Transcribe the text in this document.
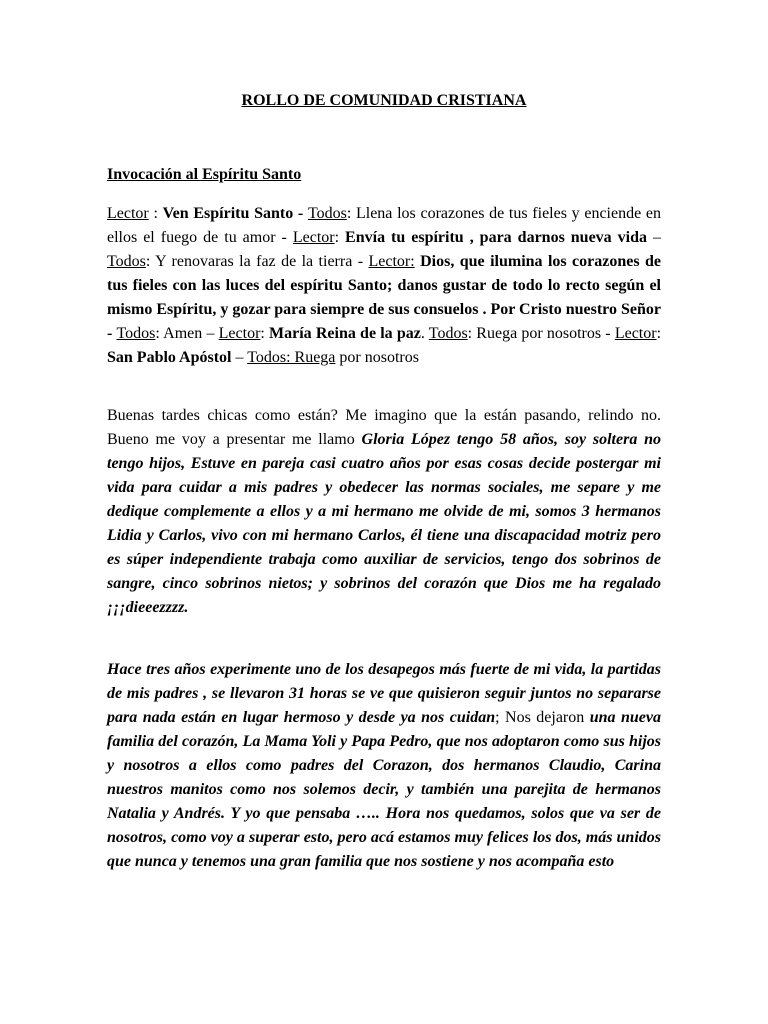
ROLLO DE COMUNIDAD CRISTIANA
Invocación al Espíritu Santo

Lector : Ven Espíritu Santo - Todos: Llena los corazones de tus fieles y enciende en ellos el fuego de tu amor - Lector: Envía tu espíritu , para darnos nueva vida – Todos: Y renovaras la faz de la tierra - Lector: Dios, que ilumina los corazones de tus fieles con las luces del espíritu Santo; danos gustar de todo lo recto según el mismo Espíritu, y gozar para siempre de sus consuelos . Por Cristo nuestro Señor - Todos: Amen – Lector: María Reina de la paz. Todos: Ruega por nosotros - Lector: San Pablo Apóstol – Todos: Ruega por nosotros

Buenas tardes chicas como están? Me imagino que la están pasando, relindo no. Bueno me voy a presentar me llamo Gloria López tengo 58 años, soy soltera no tengo hijos, Estuve en pareja casi cuatro años por esas cosas decide postergar mi vida para cuidar a mis padres y obedecer las normas sociales, me separe y me dedique complemente a ellos y a mi hermano me olvide de mi, somos 3 hermanos Lidia y Carlos, vivo con mi hermano Carlos, él tiene una discapacidad motriz pero es súper independiente trabaja como auxiliar de servicios, tengo dos sobrinos de sangre, cinco sobrinos nietos; y sobrinos del corazón que Dios me ha regalado ¡¡¡dieeezzzz.

Hace tres años experimente uno de los desapegos más fuerte de mi vida, la partidas de mis padres , se llevaron 31 horas se ve que quisieron seguir juntos no separarse para nada están en lugar hermoso y desde ya nos cuidan; Nos dejaron una nueva familia del corazón, La Mama Yoli y Papa Pedro, que nos adoptaron como sus hijos y nosotros a ellos como padres del Corazon, dos hermanos Claudio, Carina nuestros manitos como nos solemos decir, y también una parejita de hermanos Natalia y Andrés. Y yo que pensaba ….. Hora nos quedamos, solos que va ser de nosotros, como voy a superar esto, pero acá estamos muy felices los dos, más unidos que nunca y tenemos una gran familia que nos sostiene y nos acompaña esto
